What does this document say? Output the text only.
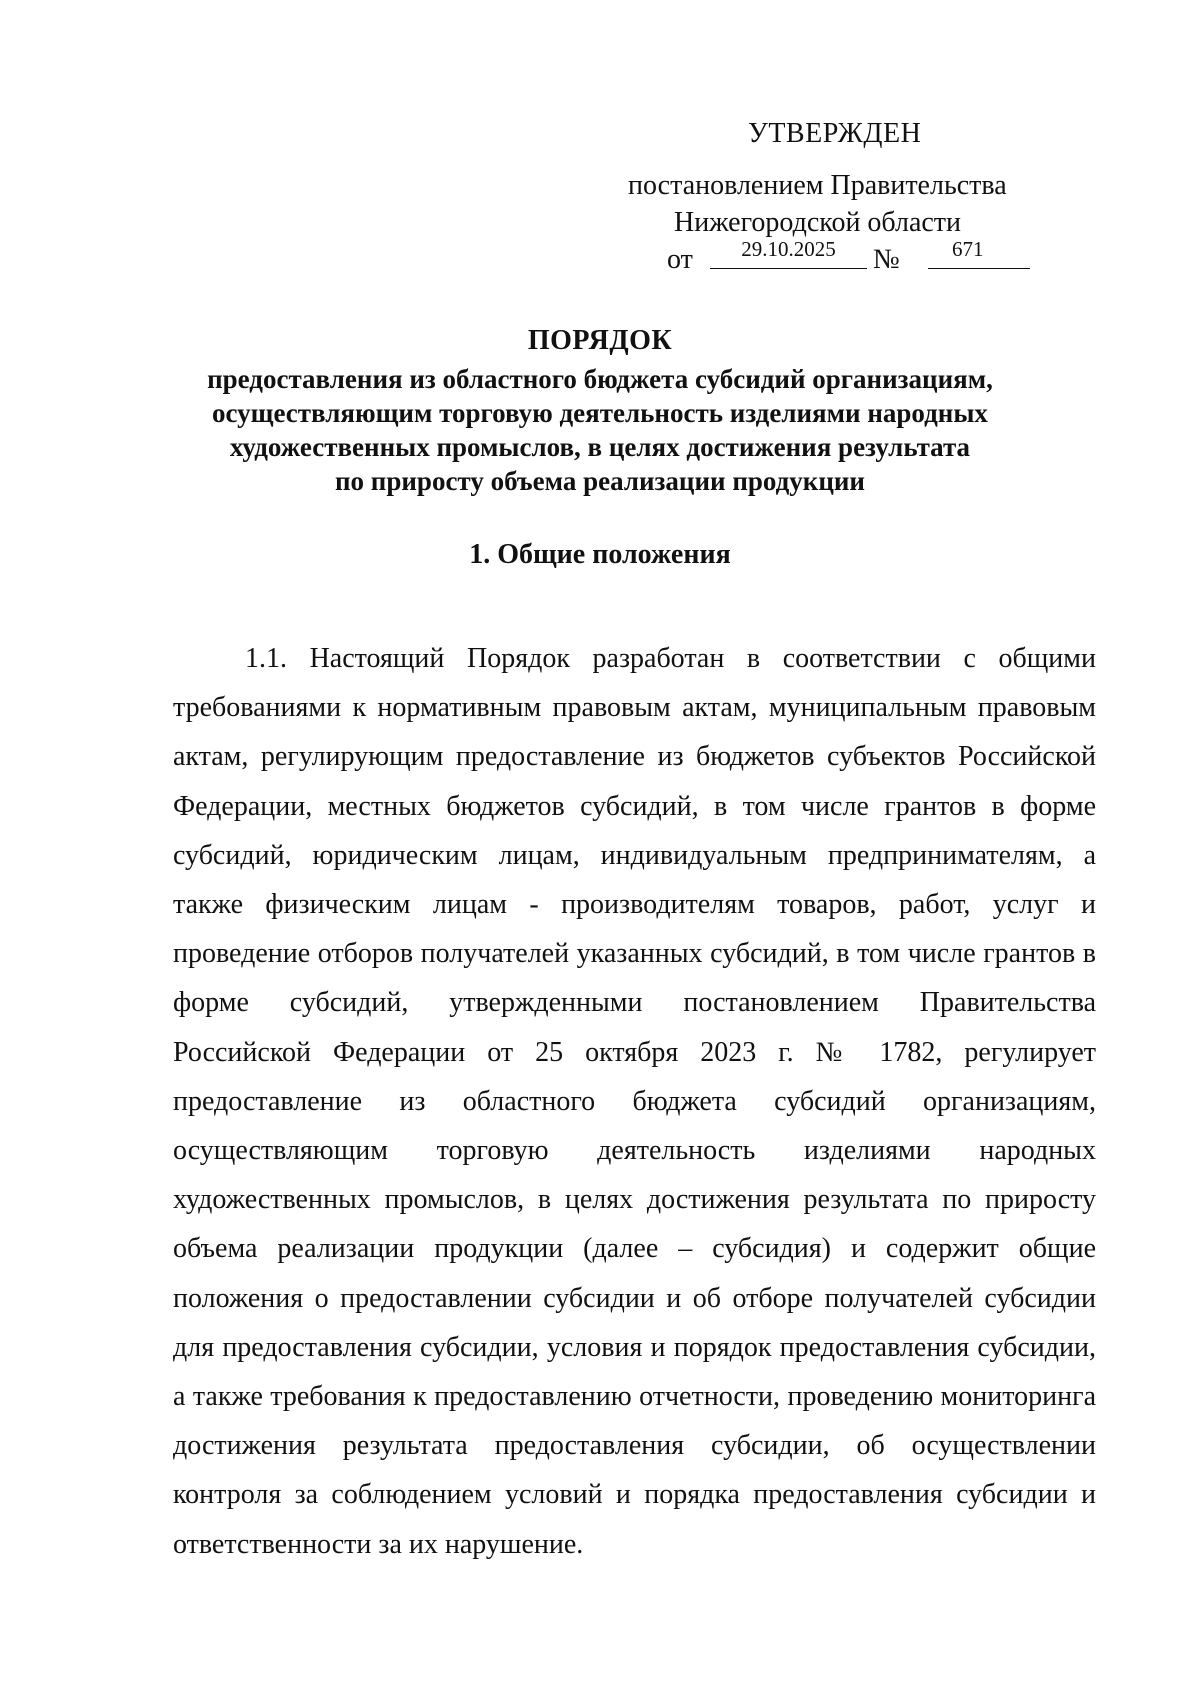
УТВЕРЖДЕН
постановлением Правительства
Нижегородской области
от	29.10.2025	№	671
ПОРЯДОК
предоставления из областного бюджета субсидий организациям,
осуществляющим торговую деятельность изделиями народных
художественных промыслов, в целях достижения результата
по приросту объема реализации продукции
1. Общие положения

1.1. Настоящий Порядок разработан в соответствии с общими требованиями к нормативным правовым актам, муниципальным правовым актам, регулирующим предоставление из бюджетов субъектов Российской Федерации, местных бюджетов субсидий, в том числе грантов в форме субсидий, юридическим лицам, индивидуальным предпринимателям, а также физическим лицам - производителям товаров, работ, услуг и проведение отборов получателей указанных субсидий, в том числе грантов в форме субсидий, утвержденными постановлением Правительства Российской Федерации от 25 октября 2023 г. № 1782, регулирует предоставление из областного бюджета субсидий организациям, осуществляющим торговую деятельность изделиями народных художественных промыслов, в целях достижения результата по приросту объема реализации продукции (далее – субсидия) и содержит общие положения о предоставлении субсидии и об отборе получателей субсидии для предоставления субсидии, условия и порядок предоставления субсидии, а также требования к предоставлению отчетности, проведению мониторинга достижения результата предоставления субсидии, об осуществлении контроля за соблюдением условий и порядка предоставления субсидии и ответственности за их нарушение.
